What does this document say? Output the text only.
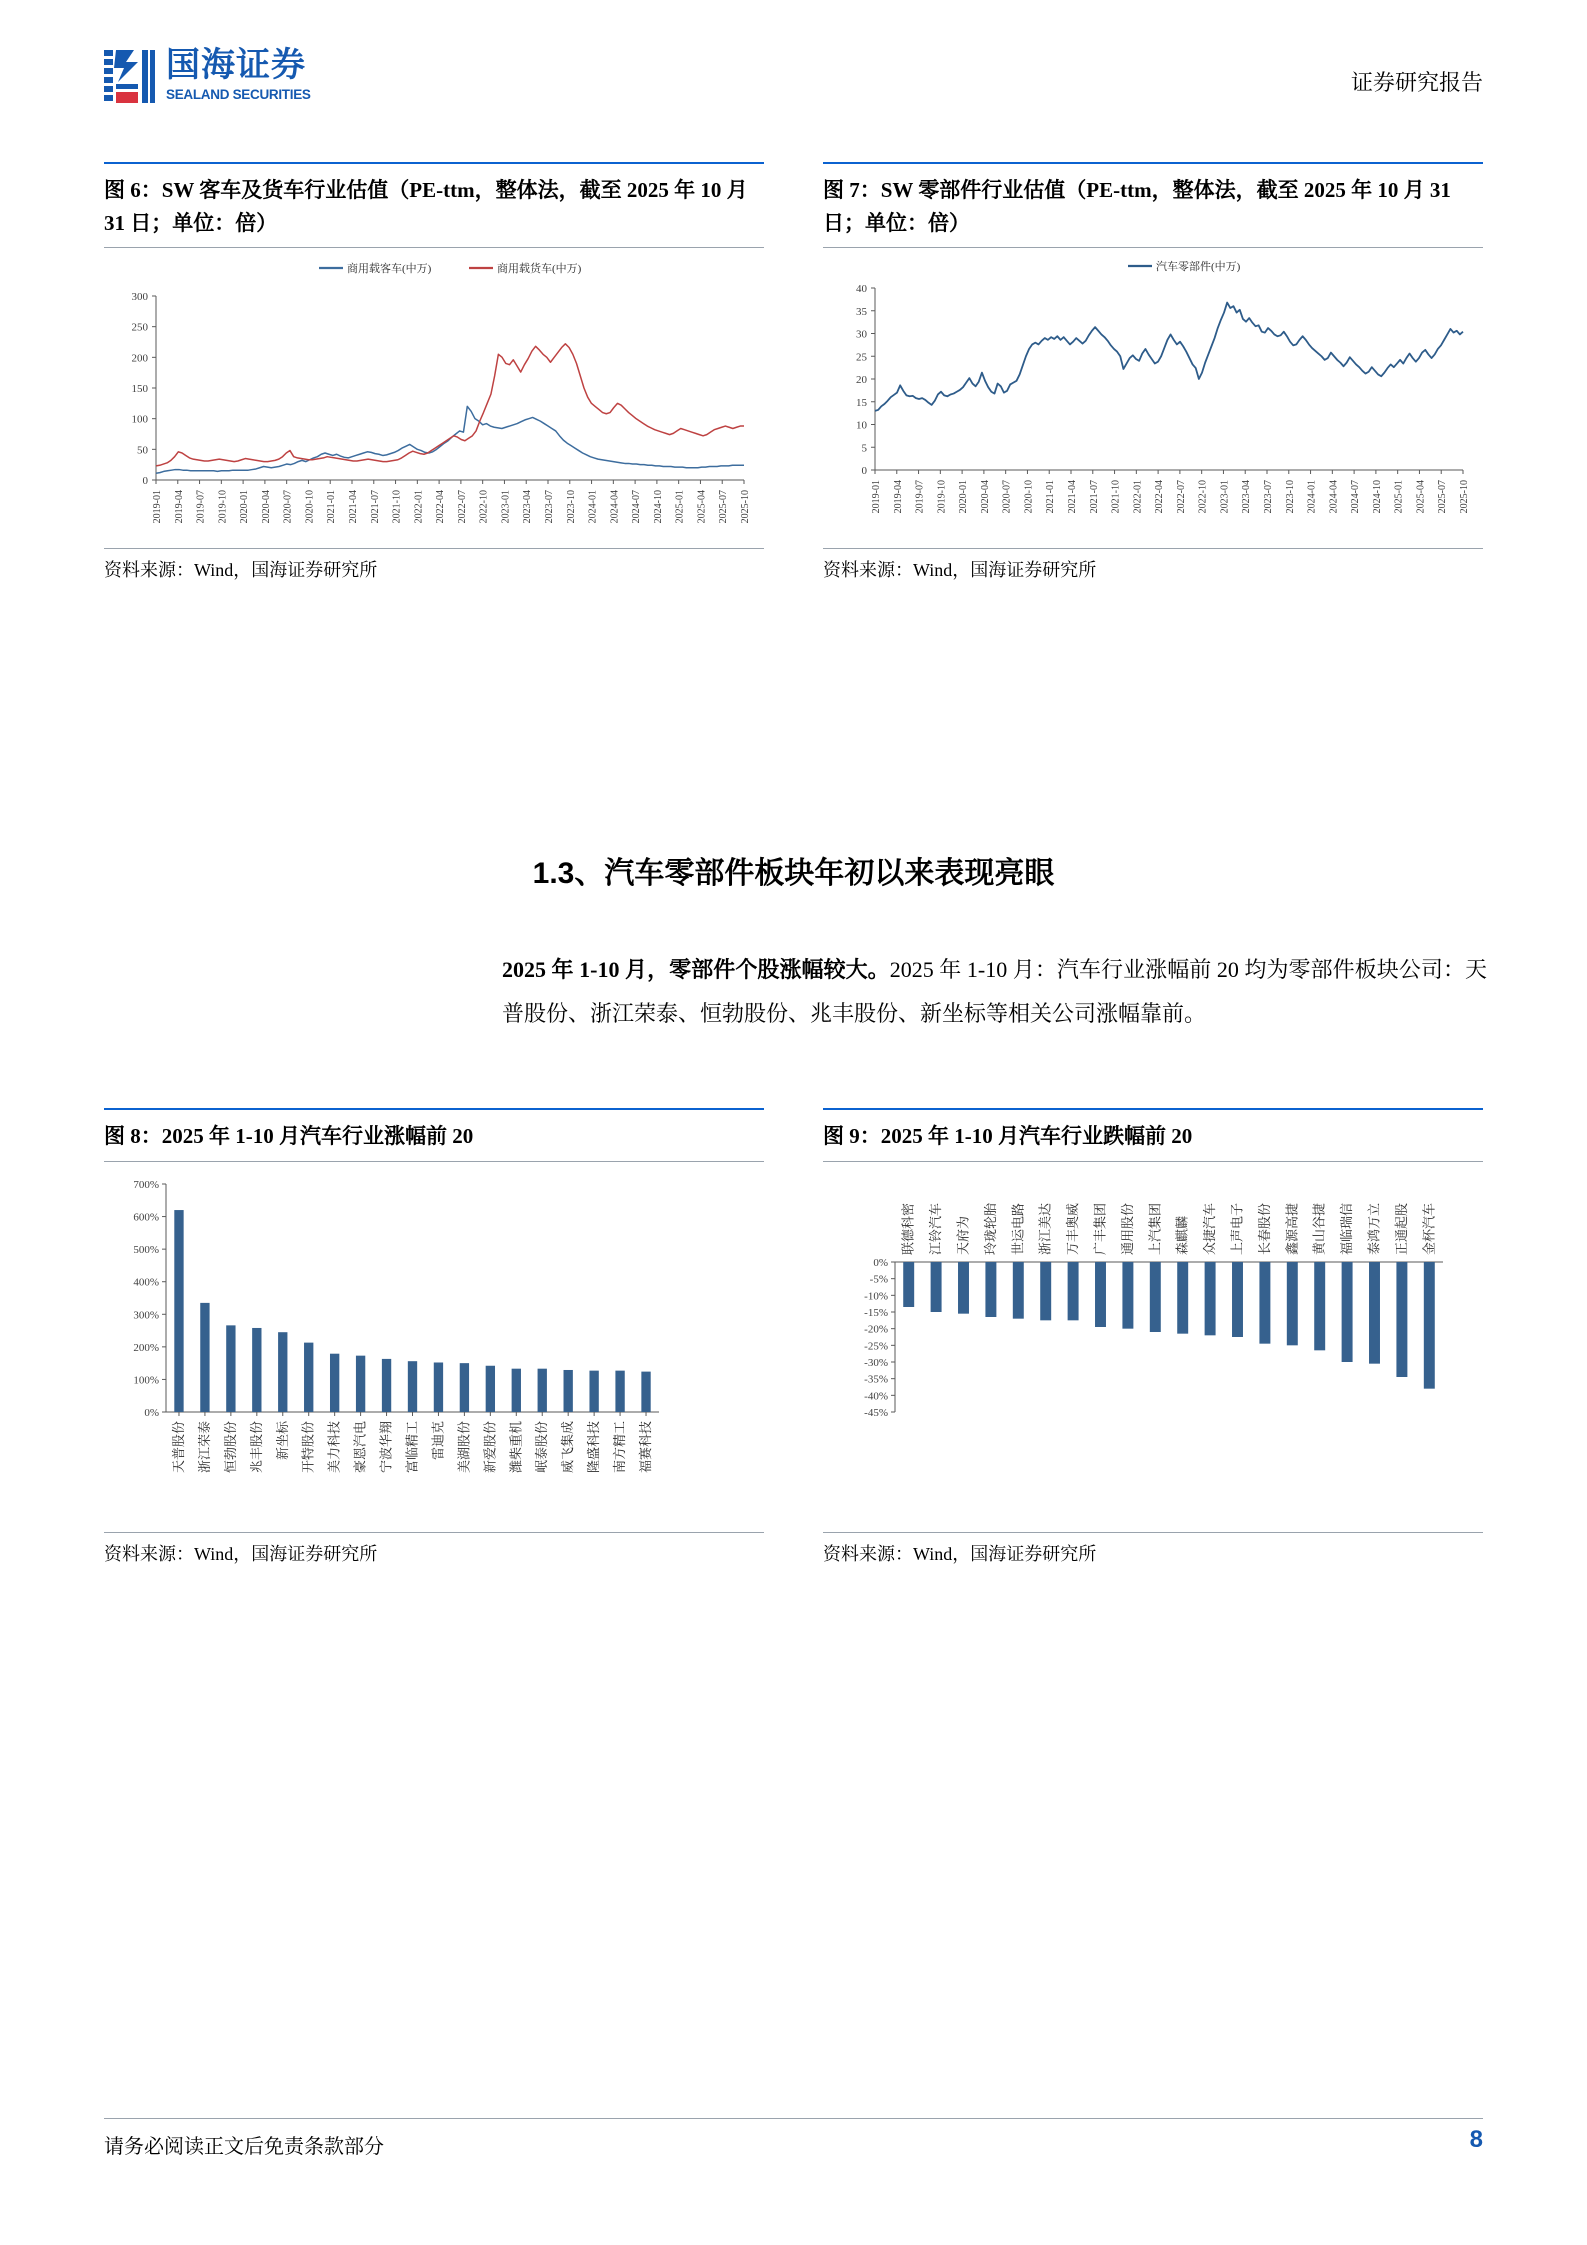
国海证券
SEALAND SECURITIES	证券研究报告
图 6：SW 客车及货车行业估值（PE-ttm，整体法，截至 2025 年 10 月 31 日；单位：倍）
商用载客车(中万)	商用载货车(中万)
0
50
100
150
200
250
300
2019-01 2019-04 2019-07 2019-10 2020-01 2020-04 2020-07 2020-10 2021-01 2021-04 2021-07 2021-10 2022-01 2022-04 2022-07 2022-10 2023-01 2023-04 2023-07 2023-10 2024-01 2024-04 2024-07 2024-10 2025-01 2025-04 2025-07 2025-10
资料来源：Wind，国海证券研究所
图 7：SW 零部件行业估值（PE-ttm，整体法，截至 2025 年 10 月 31 日；单位：倍）
汽车零部件(中万)
0
5
10
15
20
25
30
35
40
2019-01 2019-04 2019-07 2019-10 2020-01 2020-04 2020-07 2020-10 2021-01 2021-04 2021-07 2021-10 2022-01 2022-04 2022-07 2022-10 2023-01 2023-04 2023-07 2023-10 2024-01 2024-04 2024-07 2024-10 2025-01 2025-04 2025-07 2025-10
资料来源：Wind，国海证券研究所
1.3、汽车零部件板块年初以来表现亮眼
2025 年 1-10 月，零部件个股涨幅较大。2025 年 1-10 月：汽车行业涨幅前 20 均为零部件板块公司：天普股份、浙江荣泰、恒勃股份、兆丰股份、新坐标等相关公司涨幅靠前。
图 8：2025 年 1-10 月汽车行业涨幅前 20
0%
100%
200%
300%
400%
500%
600%
700%
天普股份 浙江荣泰 恒勃股份 兆丰股份 新坐标 开特股份 美力科技 豪恩汽电 宁波华翔 富临精工 雷迪克 美湖股份 新爱股份 潍柴重机 岷泰股份 威飞集成 隆盛科技 南方精工 福赛科技
资料来源：Wind，国海证券研究所
图 9：2025 年 1-10 月汽车行业跌幅前 20
0%
-5%
-10%
-15%
-20%
-25%
-30%
-35%
-40%
-45%
联德科密 江铃汽车 天府为 玲珑轮胎 世运电路 浙江美达 万丰奥威 广丰集团 通用股份 上汽集团 森麒麟 众捷汽车 上声电子 长春股份 鑫源高捷 黄山谷捷 福临瑞信 泰鸿万立 正通起股 金杯汽车
资料来源：Wind，国海证券研究所
请务必阅读正文后免责条款部分	8
